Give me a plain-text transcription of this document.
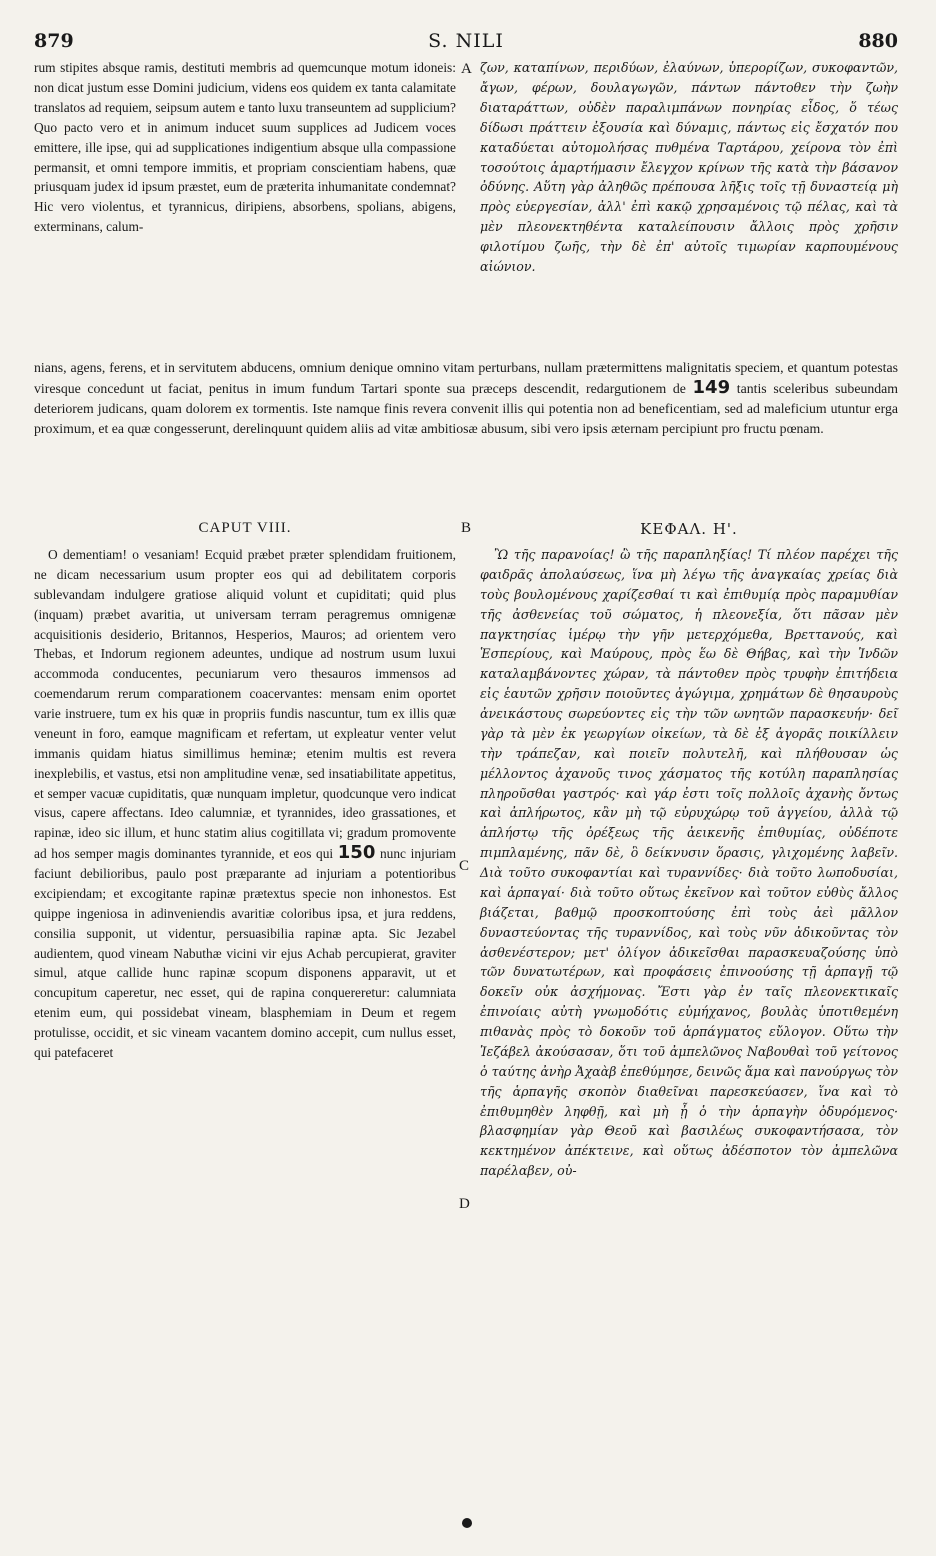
879	S. NILI	880
A
B
C
D

rum stipites absque ramis, destituti membris ad quemcunque motum idoneis: non dicat justum esse Domini judicium, videns eos quidem ex tanta calamitate translatos ad requiem, seipsum autem e tanto luxu transeuntem ad supplicium? Quo pacto vero et in animum inducet suum supplices ad Judicem voces emittere, ille ipse, qui ad supplicationes indigentium absque ulla compassione permansit, et omni tempore immitis, et propriam conscientiam habens, quæ priusquam judex id ipsum præstet, eum de præterita inhumanitate condemnat? Hic vero violentus, et tyrannicus, diripiens, absorbens, spolians, abigens, exterminans, calum-

ζων, καταπίνων, περιδύων, ἐλαύνων, ὑπερορίζων, συκοφαντῶν, ἄγων, φέρων, δουλαγωγῶν, πάντων πάντοθεν τὴν ζωὴν διαταράττων, οὐδὲν παραλιμπάνων πονηρίας εἶδος, ὅ τέως δίδωσι πράττειν ἐξουσία καὶ δύναμις, πάντως εἰς ἔσχατόν που καταδύεται αὐτομολήσας πυθμένα Ταρτάρου, χείρονα τὸν ἐπὶ τοσούτοις ἁμαρτήμασιν ἔλεγχον κρίνων τῆς κατὰ τὴν βάσανον ὀδύνης. Αὕτη γὰρ ἀληθῶς πρέπουσα λῆξις τοῖς τῇ δυναστείᾳ μὴ πρὸς εὐεργεσίαν, ἀλλ' ἐπὶ κακῷ χρησαμένοις τῷ πέλας, καὶ τὰ μὲν πλεονεκτηθέντα καταλείπουσιν ἄλλοις πρὸς χρῆσιν φιλοτίμου ζωῆς, τὴν δὲ ἐπ' αὐτοῖς τιμωρίαν καρπουμένους αἰώνιον.

nians, agens, ferens, et in servitutem abducens, omnium denique omnino vitam perturbans, nullam prætermittens malignitatis speciem, et quantum potestas viresque concedunt ut faciat, penitus in imum fundum Tartari sponte sua præceps descendit, redargutionem de 149 tantis sceleribus subeundam deteriorem judicans, quam dolorem ex tormentis. Iste namque finis revera convenit illis qui potentia non ad beneficentiam, sed ad maleficium utuntur erga proximum, et ea quæ congesserunt, derelinquunt quidem aliis ad vitæ ambitiosæ abusum, sibi vero ipsis æternam percipiunt pro fructu pœnam.

CAPUT VIII.	ΚΕΦΑΛ. Η'.

O dementiam! o vesaniam! Ecquid præbet præter splendidam fruitionem, ne dicam necessarium usum propter eos qui ad debilitatem corporis sublevandam indulgere gratiose aliquid volunt et cupiditati; quid plus (inquam) præbet avaritia, ut universam terram peragremus omnigenæ acquisitionis desiderio, Britannos, Hesperios, Mauros; ad orientem vero Thebas, et Indorum regionem adeuntes, undique ad nostrum usum luxui accommoda conducentes, pecuniarum vero thesauros immensos ad coemendarum rerum comparationem coacervantes: mensam enim oportet varie instruere, tum ex his quæ in propriis fundis nascuntur, tum ex illis quæ veneunt in foro, eamque magnificam et refertam, ut expleatur venter velut immanis quidam hiatus simillimus heminæ; etenim multis est revera inexplebilis, et vastus, etsi non amplitudine venæ, sed insatiabilitate appetitus, et semper vacuæ cupiditatis, quæ nunquam impletur, quodcunque vero indicat visus, capere affectans. Ideo calumniæ, et tyrannides, ideo grassationes, et rapinæ, ideo sic illum, et hunc statim alius cogitillata vi; gradum promovente ad hos semper magis dominantes tyrannide, et eos qui 150 nunc injuriam faciunt debilioribus, paulo post præparante ad injuriam a potentioribus excipiendam; et excogitante rapinæ prætextus specie non inhonestos. Est quippe ingeniosa in adinveniendis avaritiæ coloribus ipsa, et jura reddens, consilia supponit, ut videntur, persuasibilia rapinæ apta. Sic Jezabel audientem, quod vineam Nabuthæ vicini vir ejus Achab percupierat, graviter simul, atque callide hunc rapinæ scopum disponens apparavit, ut et concupitum caperetur, nec esset, qui de rapina conquereretur: calumniata etenim eum, qui possidebat vineam, blasphemiam in Deum et regem protulisse, occidit, et sic vineam vacantem domino accepit, cum nullus esset, qui patefaceret

Ὢ τῆς παρανοίας! ὢ τῆς παραπληξίας! Τί πλέον παρέχει τῆς φαιδρᾶς ἀπολαύσεως, ἵνα μὴ λέγω τῆς ἀναγκαίας χρείας διὰ τοὺς βουλομένους χαρίζεσθαί τι καὶ ἐπιθυμίᾳ πρὸς παραμυθίαν τῆς ἀσθενείας τοῦ σώματος, ἡ πλεονεξία, ὅτι πᾶσαν μὲν παγκτησίας ἱμέρῳ τὴν γῆν μετερχόμεθα, Βρεττανούς, καὶ Ἑσπερίους, καὶ Μαύρους, πρὸς ἕω δὲ Θήβας, καὶ τὴν Ἰνδῶν καταλαμβάνοντες χώραν, τὰ πάντοθεν πρὸς τρυφὴν ἐπιτήδεια εἰς ἑαυτῶν χρῆσιν ποιοῦντες ἀγώγιμα, χρημάτων δὲ θησαυροὺς ἀνεικάστους σωρεύοντες εἰς τὴν τῶν ωνητῶν παρασκευήν· δεῖ γὰρ τὰ μὲν ἐκ γεωργίων οἰκείων, τὰ δὲ ἐξ ἀγορᾶς ποικίλλειν τὴν τράπεζαν, καὶ ποιεῖν πολυτελῆ, καὶ πλήθουσαν ὡς μέλλοντος ἀχανοῦς τινος χάσματος τῆς κοτύλη παραπλησίας πληροῦσθαι γαστρός· καὶ γάρ ἐστι τοῖς πολλοῖς ἀχανὴς ὄντως καὶ ἀπλήρωτος, κἂν μὴ τῷ εὐρυχώρῳ τοῦ ἀγγείου, ἀλλὰ τῷ ἀπλήστῳ τῆς ὀρέξεως τῆς ἀεικενῆς ἐπιθυμίας, οὐδέποτε πιμπλαμένης, πᾶν δὲ, ὃ δείκνυσιν ὅρασις, γλιχομένης λαβεῖν. Διὰ τοῦτο συκοφαντίαι καὶ τυραννίδες· διὰ τοῦτο λωποδυσίαι, καὶ ἁρπαγαί· διὰ τοῦτο οὕτως ἐκεῖνον καὶ τοῦτον εὐθὺς ἄλλος βιάζεται, βαθμῷ προσκοπτούσης ἐπὶ τοὺς ἀεὶ μᾶλλον δυναστεύοντας τῆς τυραννίδος, καὶ τοὺς νῦν ἀδικοῦντας τὸν ἀσθενέστερον; μετ' ὀλίγον ἀδικεῖσθαι παρασκευαζούσης ὑπὸ τῶν δυνατωτέρων, καὶ προφάσεις ἐπινοούσης τῇ ἁρπαγῇ τῷ δοκεῖν οὐκ ἀσχήμονας. Ἔστι γὰρ ἐν ταῖς πλεονεκτικαῖς ἐπινοίαις αὐτὴ γνωμοδότις εὐμήχανος, βουλὰς ὑποτιθεμένη πιθανὰς πρὸς τὸ δοκοῦν τοῦ ἁρπάγματος εὔλογον. Οὕτω τὴν Ἰεζάβελ ἀκούσασαν, ὅτι τοῦ ἀμπελῶνος Ναβουθαὶ τοῦ γείτονος ὁ ταύτης ἀνὴρ Ἀχαὰβ ἐπεθύμησε, δεινῶς ἅμα καὶ πανούργως τὸν τῆς ἁρπαγῆς σκοπὸν διαθεῖναι παρεσκεύασεν, ἵνα καὶ τὸ ἐπιθυμηθὲν ληφθῇ, καὶ μὴ ᾖ ὁ τὴν ἁρπαγὴν ὀδυρόμενος· βλασφημίαν γὰρ Θεοῦ καὶ βασιλέως συκοφαντήσασα, τὸν κεκτημένον ἀπέκτεινε, καὶ οὕτως ἀδέσποτον τὸν ἀμπελῶνα παρέλαβεν, οὐ-
